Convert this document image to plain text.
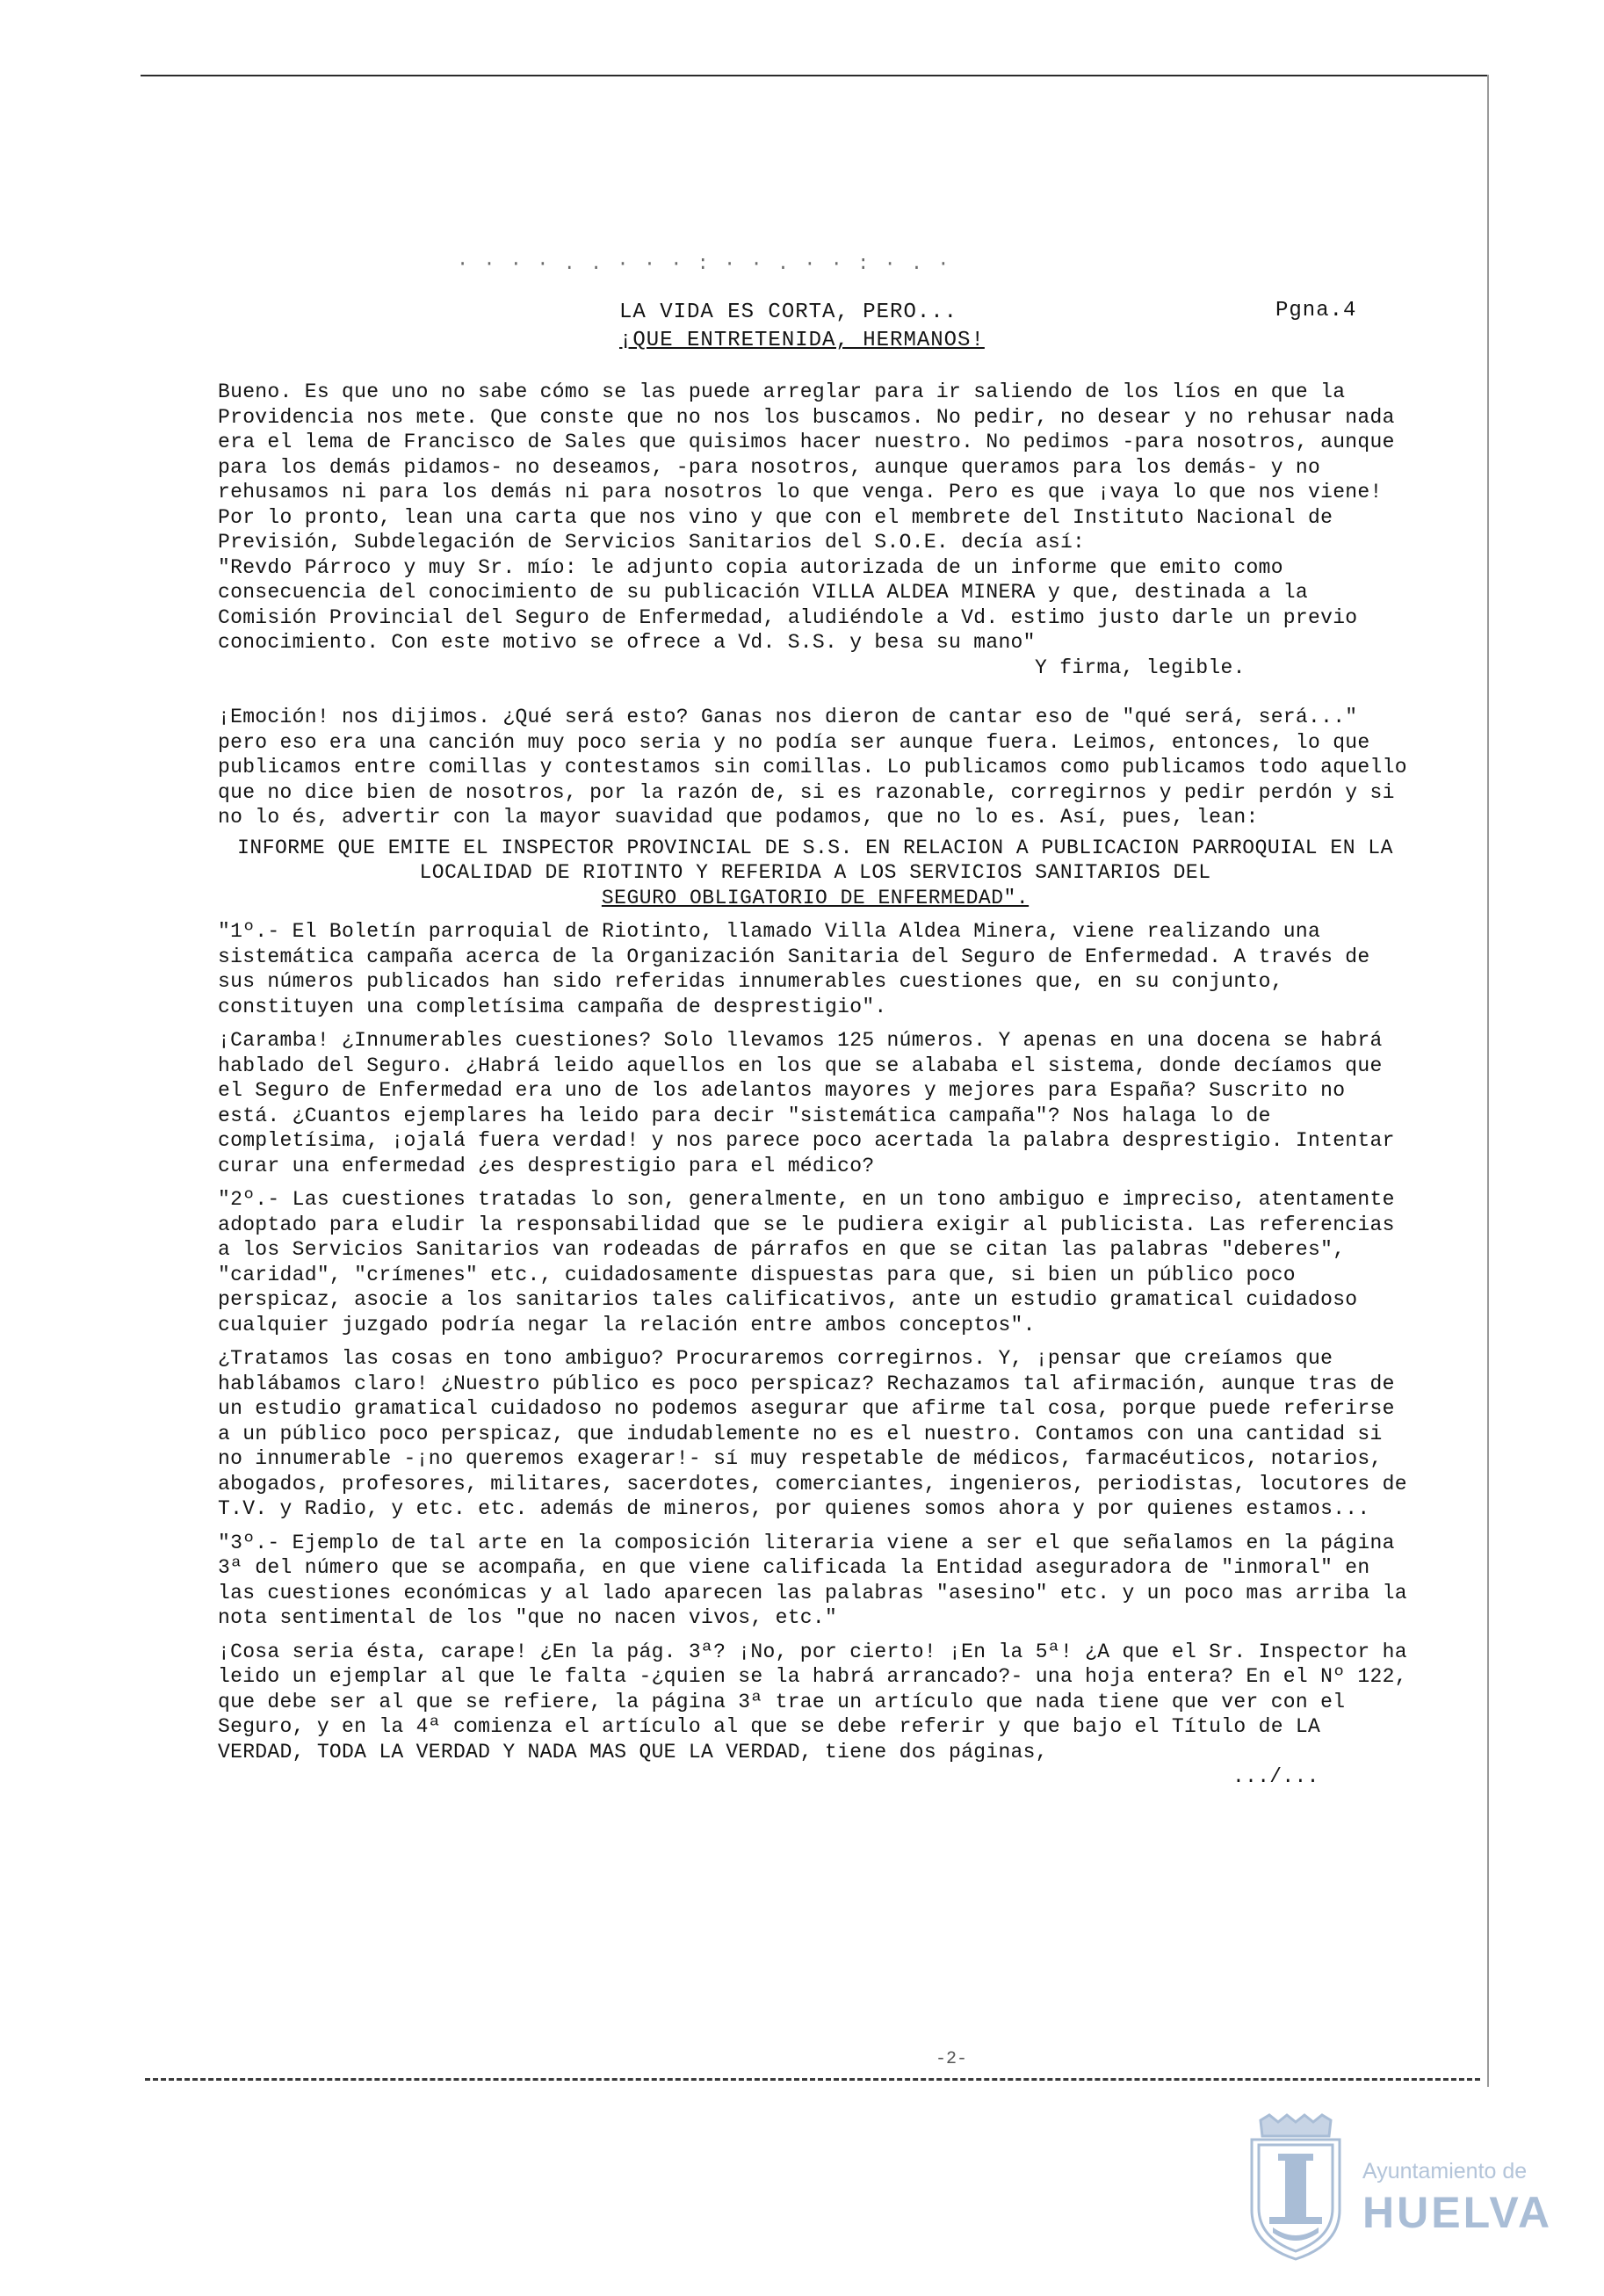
· · · · . . · · · : · · . · · : · . ·
LA VIDA ES CORTA, PERO...
¡QUE ENTRETENIDA, HERMANOS!
Pgna.4

Bueno. Es que uno no sabe cómo se las puede arreglar para ir saliendo de los líos en que la Providencia nos mete. Que conste que no nos los buscamos. No pedir, no desear y no rehusar nada era el lema de Francisco de Sales que quisimos hacer nuestro. No pedimos -para nosotros, aunque para los demás pidamos- no deseamos, -para nosotros, aunque queramos para los demás- y no rehusamos ni para los demás ni para nosotros lo que venga. Pero es que ¡vaya lo que nos viene!

Por lo pronto, lean una carta que nos vino y que con el membrete del Instituto Nacional de Previsión, Subdelegación de Servicios Sanitarios del S.O.E. decía así:

"Revdo Párroco y muy Sr. mío: le adjunto copia autorizada de un informe que emito como consecuencia del conocimiento de su publicación VILLA ALDEA MINERA y que, destinada a la Comisión Provincial del Seguro de Enfermedad, aludiéndole a Vd. estimo justo darle un previo conocimiento. Con este motivo se ofrece a Vd. S.S. y besa su mano"

Y firma, legible.

¡Emoción! nos dijimos. ¿Qué será esto? Ganas nos dieron de cantar eso de "qué será, será..." pero eso era una canción muy poco seria y no podía ser aunque fuera. Leimos, entonces, lo que publicamos entre comillas y contestamos sin comillas. Lo publicamos como publicamos todo aquello que no dice bien de nosotros, por la razón de, si es razonable, corregirnos y pedir perdón y si no lo és, advertir con la mayor suavidad que podamos, que no lo es. Así, pues, lean:

INFORME QUE EMITE EL INSPECTOR PROVINCIAL DE S.S. EN RELACION A PUBLICACION PARROQUIAL EN LA LOCALIDAD DE RIOTINTO Y REFERIDA A LOS SERVICIOS SANITARIOS DEL
SEGURO OBLIGATORIO DE ENFERMEDAD".

"1º.- El Boletín parroquial de Riotinto, llamado Villa Aldea Minera, viene realizando una sistemática campaña acerca de la Organización Sanitaria del Seguro de Enfermedad. A través de sus números publicados han sido referidas innumerables cuestiones que, en su conjunto, constituyen una completísima campaña de desprestigio".

¡Caramba! ¿Innumerables cuestiones? Solo llevamos 125 números. Y apenas en una docena se habrá hablado del Seguro. ¿Habrá leido aquellos en los que se alababa el sistema, donde decíamos que el Seguro de Enfermedad era uno de los adelantos mayores y mejores para España? Suscrito no está. ¿Cuantos ejemplares ha leido para decir "sistemática campaña"? Nos halaga lo de completísima, ¡ojalá fuera verdad! y nos parece poco acertada la palabra desprestigio. Intentar curar una enfermedad ¿es desprestigio para el médico?

"2º.- Las cuestiones tratadas lo son, generalmente, en un tono ambiguo e impreciso, atentamente adoptado para eludir la responsabilidad que se le pudiera exigir al publicista. Las referencias a los Servicios Sanitarios van rodeadas de párrafos en que se citan las palabras "deberes", "caridad", "crímenes" etc., cuidadosamente dispuestas para que, si bien un público poco perspicaz, asocie a los sanitarios tales calificativos, ante un estudio gramatical cuidadoso cualquier juzgado podría negar la relación entre ambos conceptos".

¿Tratamos las cosas en tono ambiguo? Procuraremos corregirnos. Y, ¡pensar que creíamos que hablábamos claro! ¿Nuestro público es poco perspicaz? Rechazamos tal afirmación, aunque tras de un estudio gramatical cuidadoso no podemos asegurar que afirme tal cosa, porque puede referirse a un público poco perspicaz, que indudablemente no es el nuestro. Contamos con una cantidad si no innumerable -¡no queremos exagerar!- sí muy respetable de médicos, farmacéuticos, notarios, abogados, profesores, militares, sacerdotes, comerciantes, ingenieros, periodistas, locutores de T.V. y Radio, y etc. etc. además de mineros, por quienes somos ahora y por quienes estamos...

"3º.- Ejemplo de tal arte en la composición literaria viene a ser el que señalamos en la página 3ª del número que se acompaña, en que viene calificada la Entidad aseguradora de "inmoral" en las cuestiones económicas y al lado aparecen las palabras "asesino" etc. y un poco mas arriba la nota sentimental de los "que no nacen vivos, etc."

¡Cosa seria ésta, carape! ¿En la pág. 3ª? ¡No, por cierto! ¡En la 5ª! ¿A que el Sr. Inspector ha leido un ejemplar al que le falta -¿quien se la habrá arrancado?- una hoja entera? En el Nº 122, que debe ser al que se refiere, la página 3ª trae un artículo que nada tiene que ver con el Seguro, y en la 4ª comienza el artículo al que se debe referir y que bajo el Título de LA VERDAD, TODA LA VERDAD Y NADA MAS QUE LA VERDAD, tiene dos páginas,

.../...

-2-
Ayuntamiento de
HUELVA
